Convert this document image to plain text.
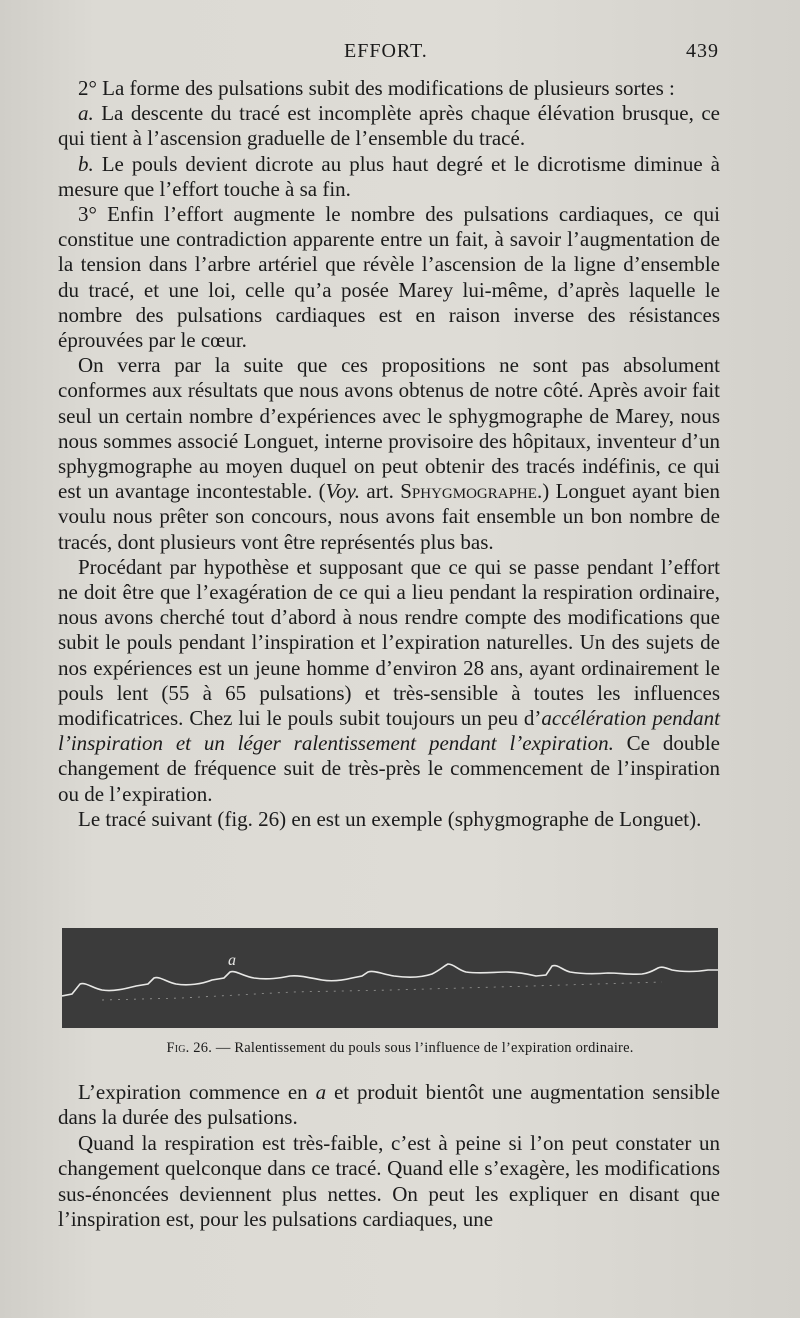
EFFORT.	439

2° La forme des pulsations subit des modifications de plusieurs sortes :

a. La descente du tracé est incomplète après chaque élévation brusque, ce qui tient à l’ascension graduelle de l’ensemble du tracé.

b. Le pouls devient dicrote au plus haut degré et le dicrotisme diminue à mesure que l’effort touche à sa fin.

3° Enfin l’effort augmente le nombre des pulsations cardiaques, ce qui constitue une contradiction apparente entre un fait, à savoir l’augmentation de la tension dans l’arbre artériel que révèle l’ascension de la ligne d’ensemble du tracé, et une loi, celle qu’a posée Marey lui-même, d’après laquelle le nombre des pulsations cardiaques est en raison inverse des résistances éprouvées par le cœur.

On verra par la suite que ces propositions ne sont pas absolument conformes aux résultats que nous avons obtenus de notre côté. Après avoir fait seul un certain nombre d’expériences avec le sphygmographe de Marey, nous nous sommes associé Longuet, interne provisoire des hôpitaux, inventeur d’un sphygmographe au moyen duquel on peut obtenir des tracés indéfinis, ce qui est un avantage incontestable. (Voy. art. Sphygmographe.) Longuet ayant bien voulu nous prêter son concours, nous avons fait ensemble un bon nombre de tracés, dont plusieurs vont être représentés plus bas.

Procédant par hypothèse et supposant que ce qui se passe pendant l’effort ne doit être que l’exagération de ce qui a lieu pendant la respiration ordinaire, nous avons cherché tout d’abord à nous rendre compte des modifications que subit le pouls pendant l’inspiration et l’expiration naturelles. Un des sujets de nos expériences est un jeune homme d’environ 28 ans, ayant ordinairement le pouls lent (55 à 65 pulsations) et très-sensible à toutes les influences modificatrices. Chez lui le pouls subit toujours un peu d’accélération pendant l’inspiration et un léger ralentissement pendant l’expiration. Ce double changement de fréquence suit de très-près le commencement de l’inspiration ou de l’expiration.

Le tracé suivant (fig. 26) en est un exemple (sphygmographe de Longuet).

a
Fig. 26. — Ralentissement du pouls sous l’influence de l’expiration ordinaire.

L’expiration commence en a et produit bientôt une augmentation sensible dans la durée des pulsations.

Quand la respiration est très-faible, c’est à peine si l’on peut constater un changement quelconque dans ce tracé. Quand elle s’exagère, les modifications sus-énoncées deviennent plus nettes. On peut les expliquer en disant que l’inspiration est, pour les pulsations cardiaques, une
